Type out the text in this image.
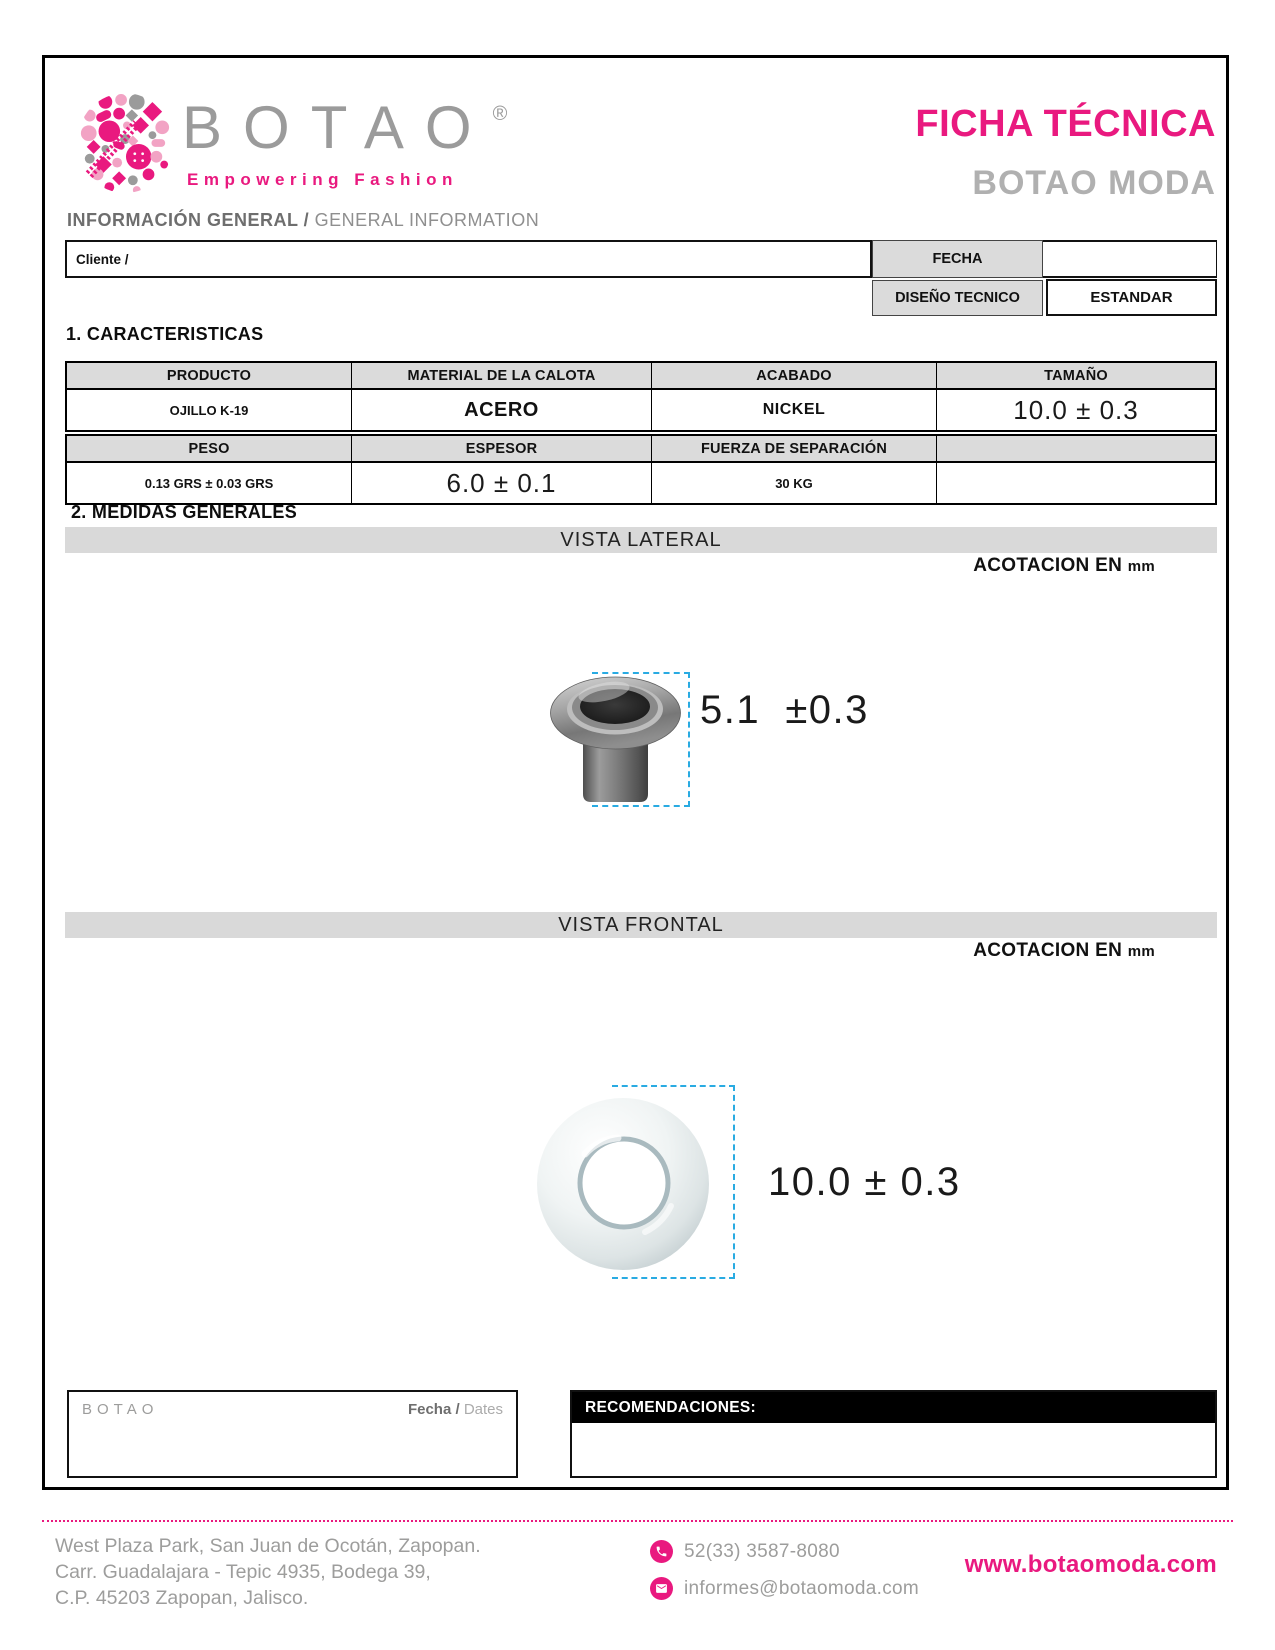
BOTAO®
Empowering Fashion
FICHA TÉCNICA
BOTAO MODA
INFORMACIÓN GENERAL / GENERAL INFORMATION
Cliente /	FECHA
DISEÑO TECNICO	ESTANDAR
1. CARACTERISTICAS
PRODUCTO	MATERIAL DE LA CALOTA	ACABADO	TAMAÑO
OJILLO K-19	ACERO	NICKEL	10.0 ± 0.3
PESO	ESPESOR	FUERZA DE SEPARACIÓN
0.13 GRS ± 0.03 GRS	6.0 ± 0.1	30 KG
2. MEDIDAS GENERALES
VISTA LATERAL
ACOTACION EN mm
5.1  ±0.3
VISTA FRONTAL
ACOTACION EN mm
10.0 ± 0.3
BOTAO	Fecha / Dates	RECOMENDACIONES:
West Plaza Park, San Juan de Ocotán, Zapopan.
Carr. Guadalajara - Tepic 4935, Bodega 39,
C.P. 45203 Zapopan, Jalisco.
52(33) 3587-8080
informes@botaomoda.com
www.botaomoda.com
